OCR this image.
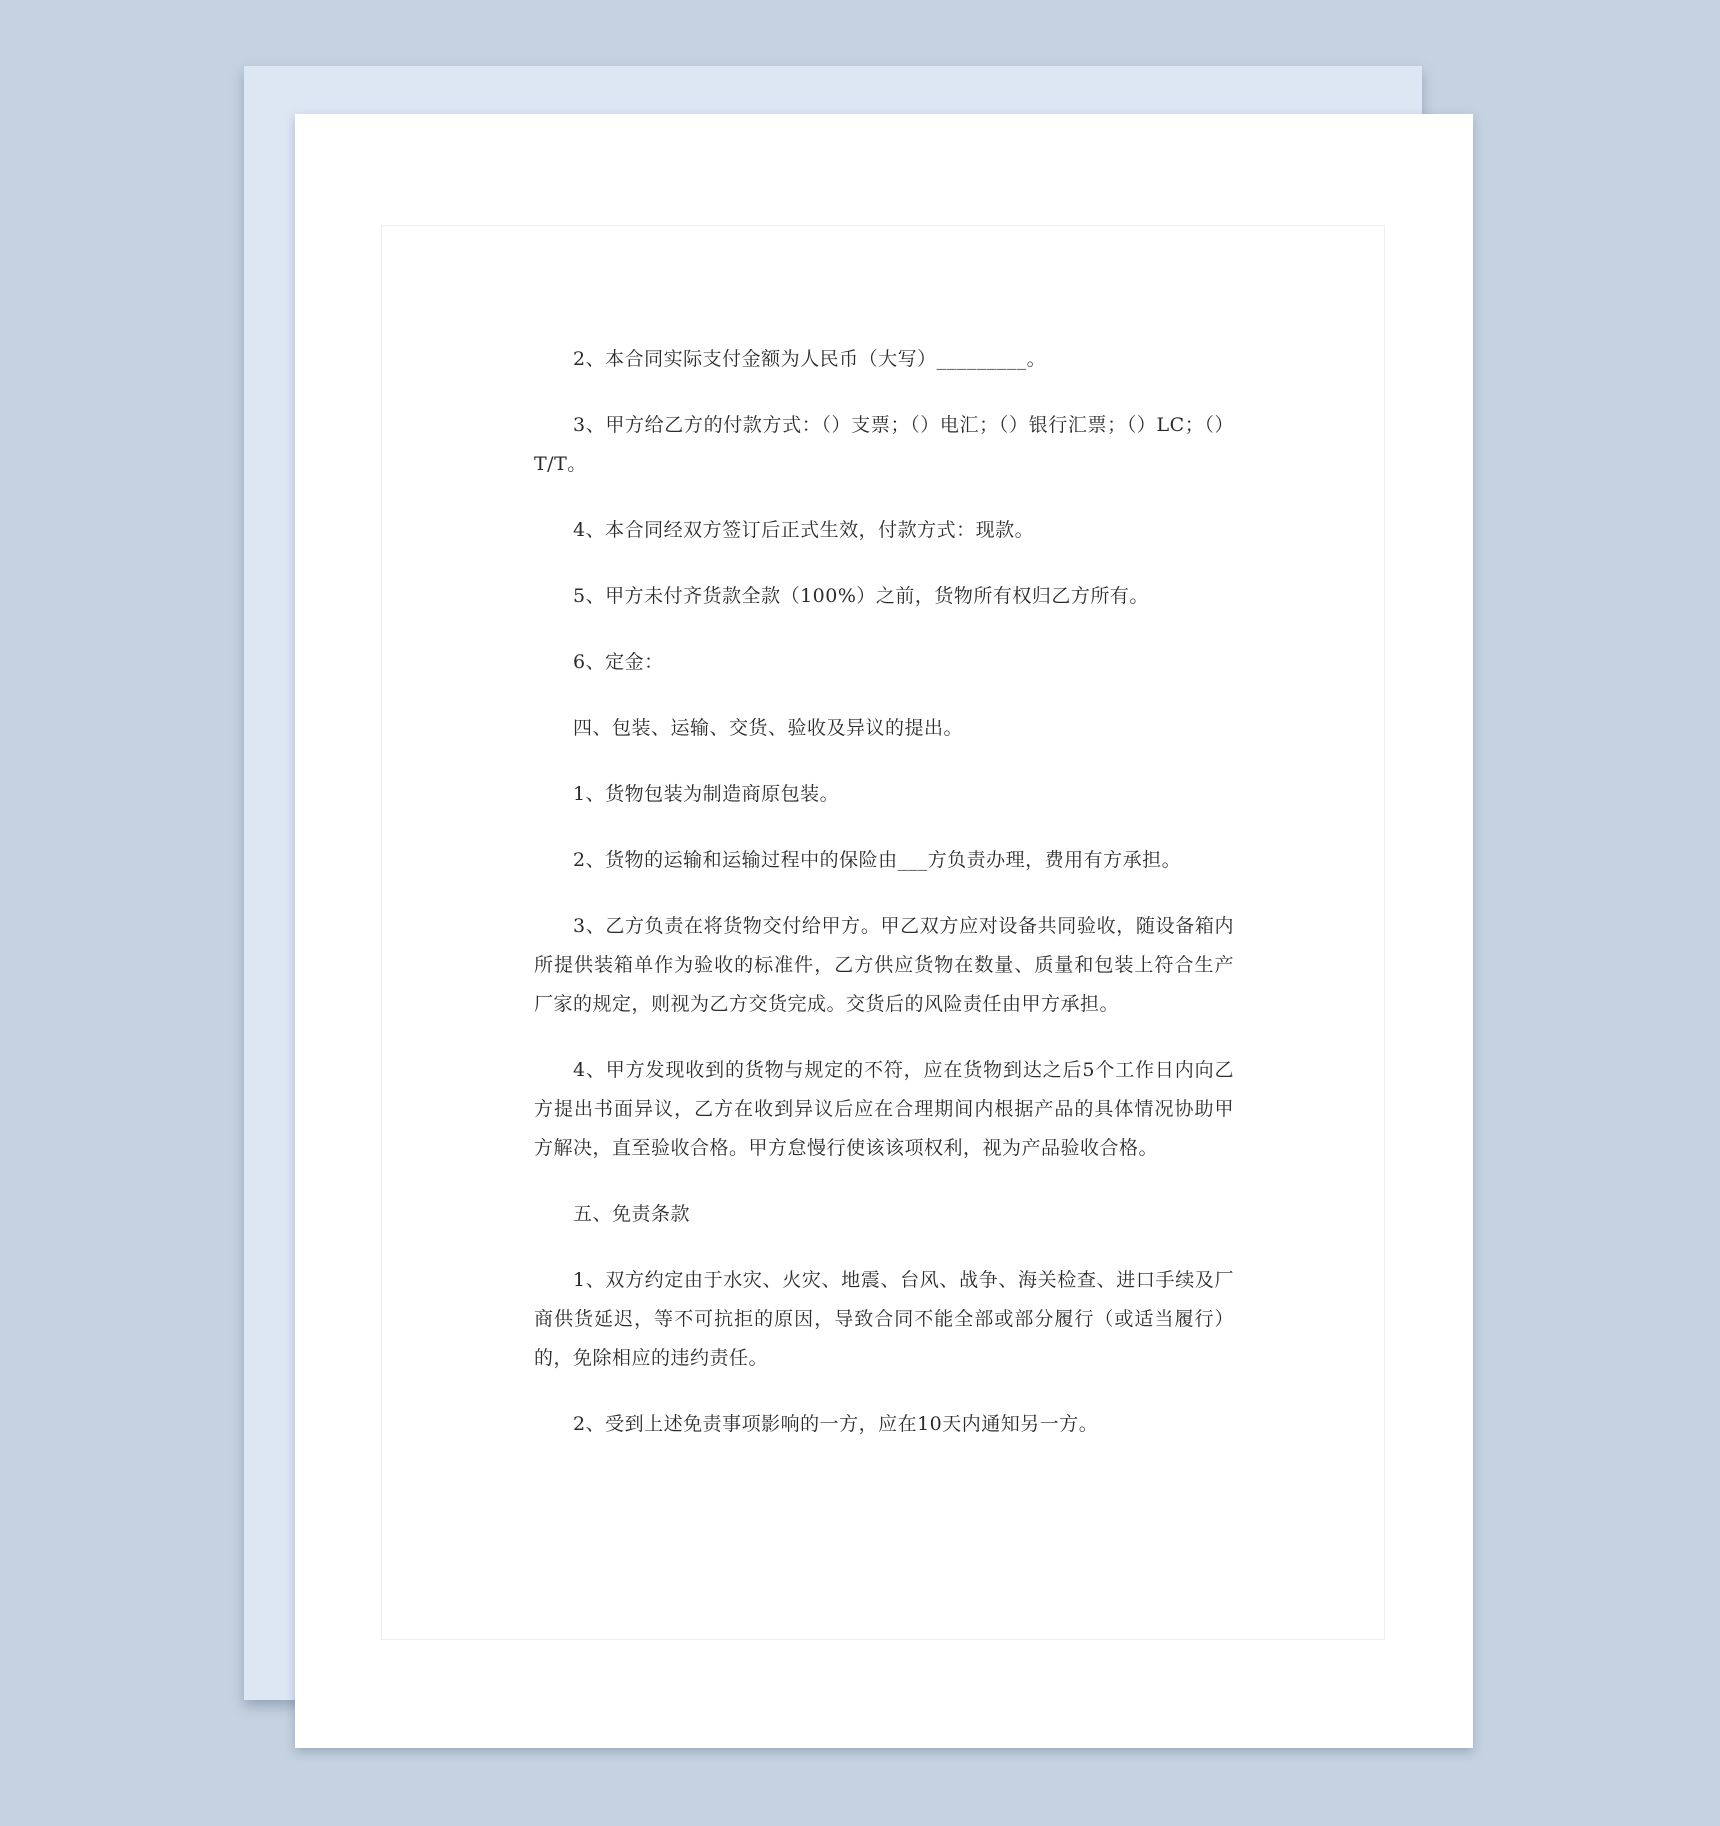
2、本合同实际支付金额为人民币（大写）_________。

3、甲方给乙方的付款方式：（）支票；（）电汇；（）银行汇票；（）LC；（）T/T。

4、本合同经双方签订后正式生效，付款方式：现款。

5、甲方未付齐货款全款（100%）之前，货物所有权归乙方所有。

6、定金：

四、包装、运输、交货、验收及异议的提出。

1、货物包装为制造商原包装。

2、货物的运输和运输过程中的保险由___方负责办理，费用有方承担。

3、乙方负责在将货物交付给甲方。甲乙双方应对设备共同验收，随设备箱内所提供装箱单作为验收的标准件，乙方供应货物在数量、质量和包装上符合生产厂家的规定，则视为乙方交货完成。交货后的风险责任由甲方承担。

4、甲方发现收到的货物与规定的不符，应在货物到达之后5个工作日内向乙方提出书面异议，乙方在收到异议后应在合理期间内根据产品的具体情况协助甲方解决，直至验收合格。甲方怠慢行使该该项权利，视为产品验收合格。

五、免责条款

1、双方约定由于水灾、火灾、地震、台风、战争、海关检查、进口手续及厂商供货延迟，等不可抗拒的原因，导致合同不能全部或部分履行（或适当履行）的，免除相应的违约责任。

2、受到上述免责事项影响的一方，应在10天内通知另一方。
